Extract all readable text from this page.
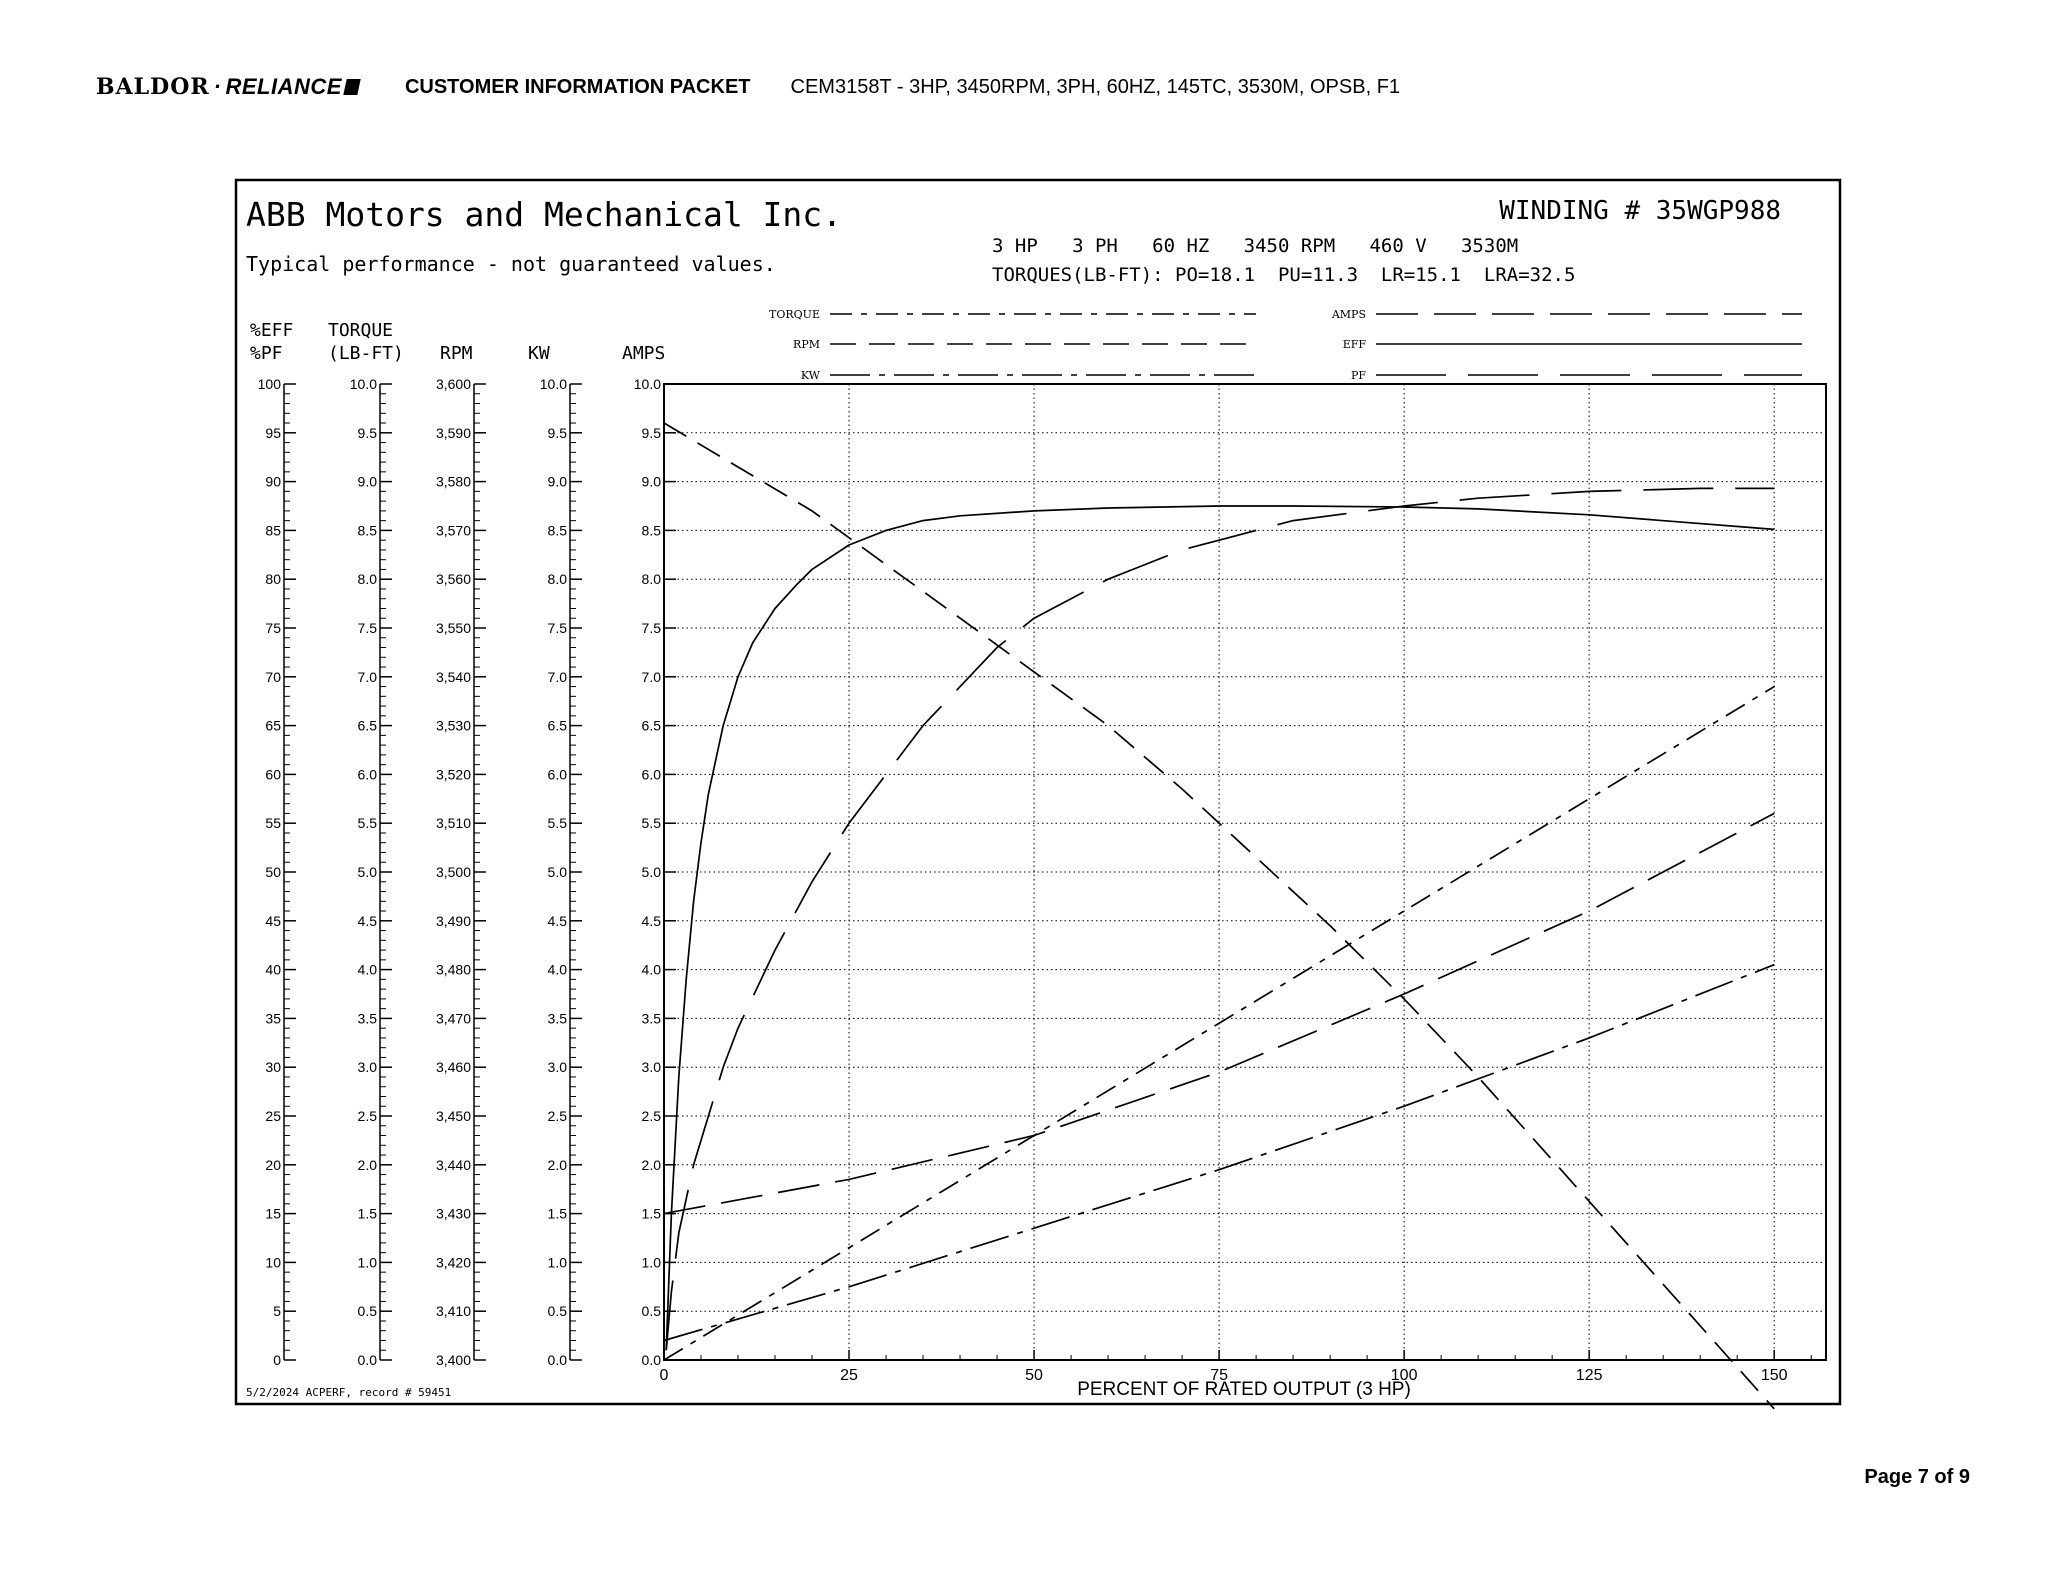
BALDOR · RELIANCE	CUSTOMER INFORMATION PACKET CEM3158T - 3HP, 3450RPM, 3PH, 60HZ, 145TC, 3530M, OPSB, F1
ABB Motors and Mechanical Inc.
Typical performance - not guaranteed values.
WINDING # 35WGP988
3 HP   3 PH   60 HZ   3450 RPM   460 V   3530M
TORQUES(LB-FT): PO=18.1  PU=11.3  LR=15.1  LRA=32.5
5/2/2024 ACPERF, record # 59451	PERCENT OF RATED OUTPUT (3 HP)
TORQUE
RPM
KW
AMPS
EFF
PF
0
5
10
15
20
25
30
35
40
45
50
55
60
65
70
75
80
85
90
95
100
%EFF
%PF
0.0
0.5
1.0
1.5
2.0
2.5
3.0
3.5
4.0
4.5
5.0
5.5
6.0
6.5
7.0
7.5
8.0
8.5
9.0
9.5
10.0
TORQUE
(LB-FT)
3,400
3,410
3,420
3,430
3,440
3,450
3,460
3,470
3,480
3,490
3,500
3,510
3,520
3,530
3,540
3,550
3,560
3,570
3,580
3,590
3,600
RPM
0.0
0.5
1.0
1.5
2.0
2.5
3.0
3.5
4.0
4.5
5.0
5.5
6.0
6.5
7.0
7.5
8.0
8.5
9.0
9.5
10.0
KW
0.0
0.5
1.0
1.5
2.0
2.5
3.0
3.5
4.0
4.5
5.0
5.5
6.0
6.5
7.0
7.5
8.0
8.5
9.0
9.5
10.0
AMPS
0	25	50	75	100	125	150
Page 7 of 9
